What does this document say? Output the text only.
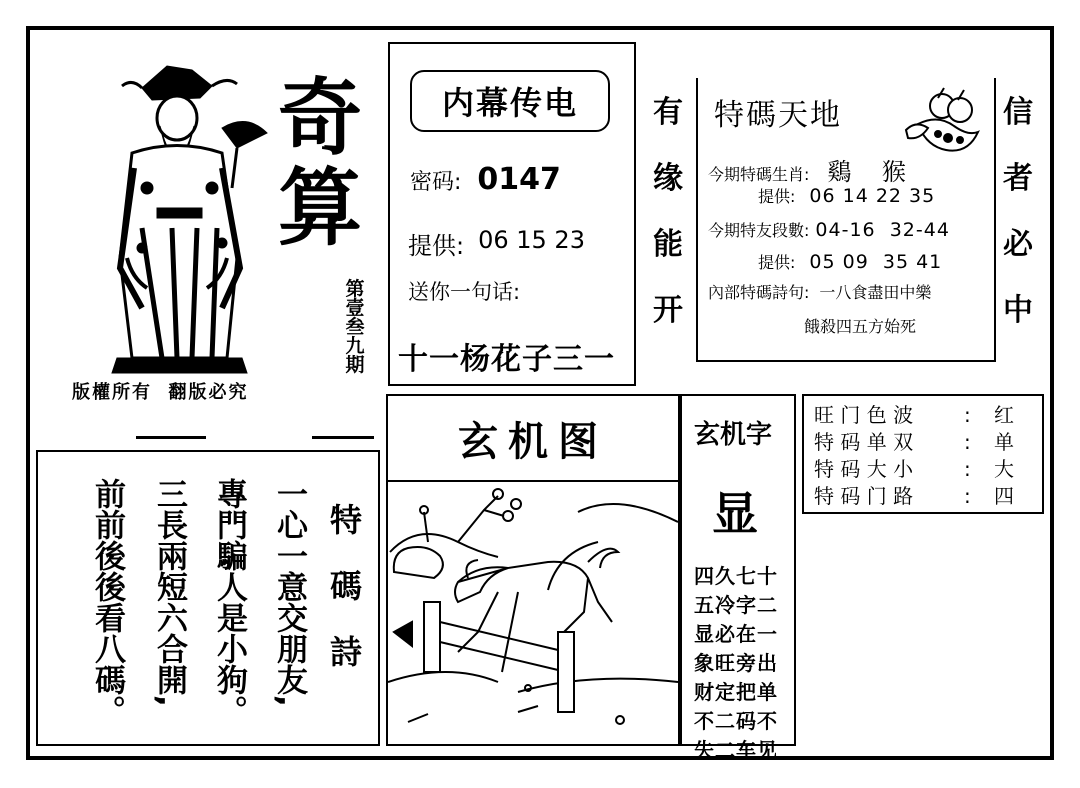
奇
算
第
壹
叁
九
期
版權所有  翻版必究
内幕传电
密码: 0147
提供: 06 15 23
送你一句话:
十一杨花子三一
有
缘
能
开
特碼天地
今期特碼生肖: 鷄    猴
提供: 06 14 22 35
今期特友段數: 04-16  32-44
提供: 05 09  35 41
內部特碼詩句: 一八食盡田中樂
餓殺四五方始死
信
者
必
中
特
碼
詩
一心一意交朋友,
專門騙人是小狗。
三長兩短六合開,
前前後後看八碼。
玄机图	玄机字
显
四久七十
五冷字二
显必在一
象旺旁出
财定把单
不二码不
失二车见
旺 门 色 波	:	红
特 码 单 双	:	单
特 码 大 小	:	大
特 码 门 路	:	四
